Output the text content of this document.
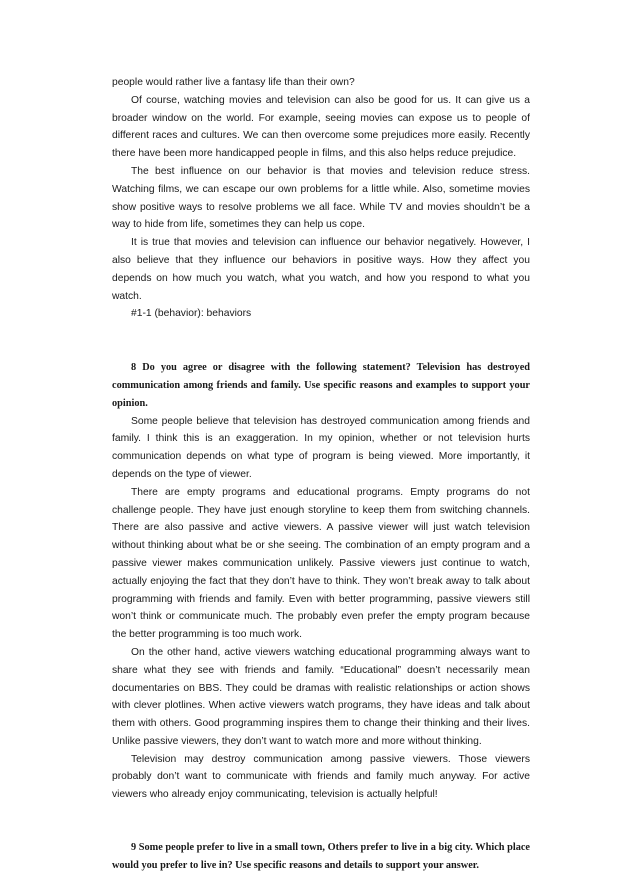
people would rather live a fantasy life than their own?

Of course, watching movies and television can also be good for us. It can give us a broader window on the world. For example, seeing movies can expose us to people of different races and cultures. We can then overcome some prejudices more easily. Recently there have been more handicapped people in films, and this also helps reduce prejudice.

The best influence on our behavior is that movies and television reduce stress. Watching films, we can escape our own problems for a little while. Also, sometime movies show positive ways to resolve problems we all face. While TV and movies shouldn’t be a way to hide from life, sometimes they can help us cope.

It is true that movies and television can influence our behavior negatively. However, I also believe that they influence our behaviors in positive ways. How they affect you depends on how much you watch, what you watch, and how you respond to what you watch.

#1-1 (behavior): behaviors

8 Do you agree or disagree with the following statement? Television has destroyed communication among friends and family. Use specific reasons and examples to support your opinion.

Some people believe that television has destroyed communication among friends and family. I think this is an exaggeration. In my opinion, whether or not television hurts communication depends on what type of program is being viewed. More importantly, it depends on the type of viewer.

There are empty programs and educational programs. Empty programs do not challenge people. They have just enough storyline to keep them from switching channels. There are also passive and active viewers. A passive viewer will just watch television without thinking about what be or she seeing. The combination of an empty program and a passive viewer makes communication unlikely. Passive viewers just continue to watch, actually enjoying the fact that they don’t have to think. They won’t break away to talk about programming with friends and family. Even with better programming, passive viewers still won’t think or communicate much. The probably even prefer the empty program because the better programming is too much work.

On the other hand, active viewers watching educational programming always want to share what they see with friends and family. “Educational” doesn’t necessarily mean documentaries on BBS. They could be dramas with realistic relationships or action shows with clever plotlines. When active viewers watch programs, they have ideas and talk about them with others. Good programming inspires them to change their thinking and their lives. Unlike passive viewers, they don’t want to watch more and more without thinking.

Television may destroy communication among passive viewers. Those viewers probably don’t want to communicate with friends and family much anyway. For active viewers who already enjoy communicating, television is actually helpful!

9 Some people prefer to live in a small town, Others prefer to live in a big city. Which place would you prefer to live in? Use specific reasons and details to support your answer.
